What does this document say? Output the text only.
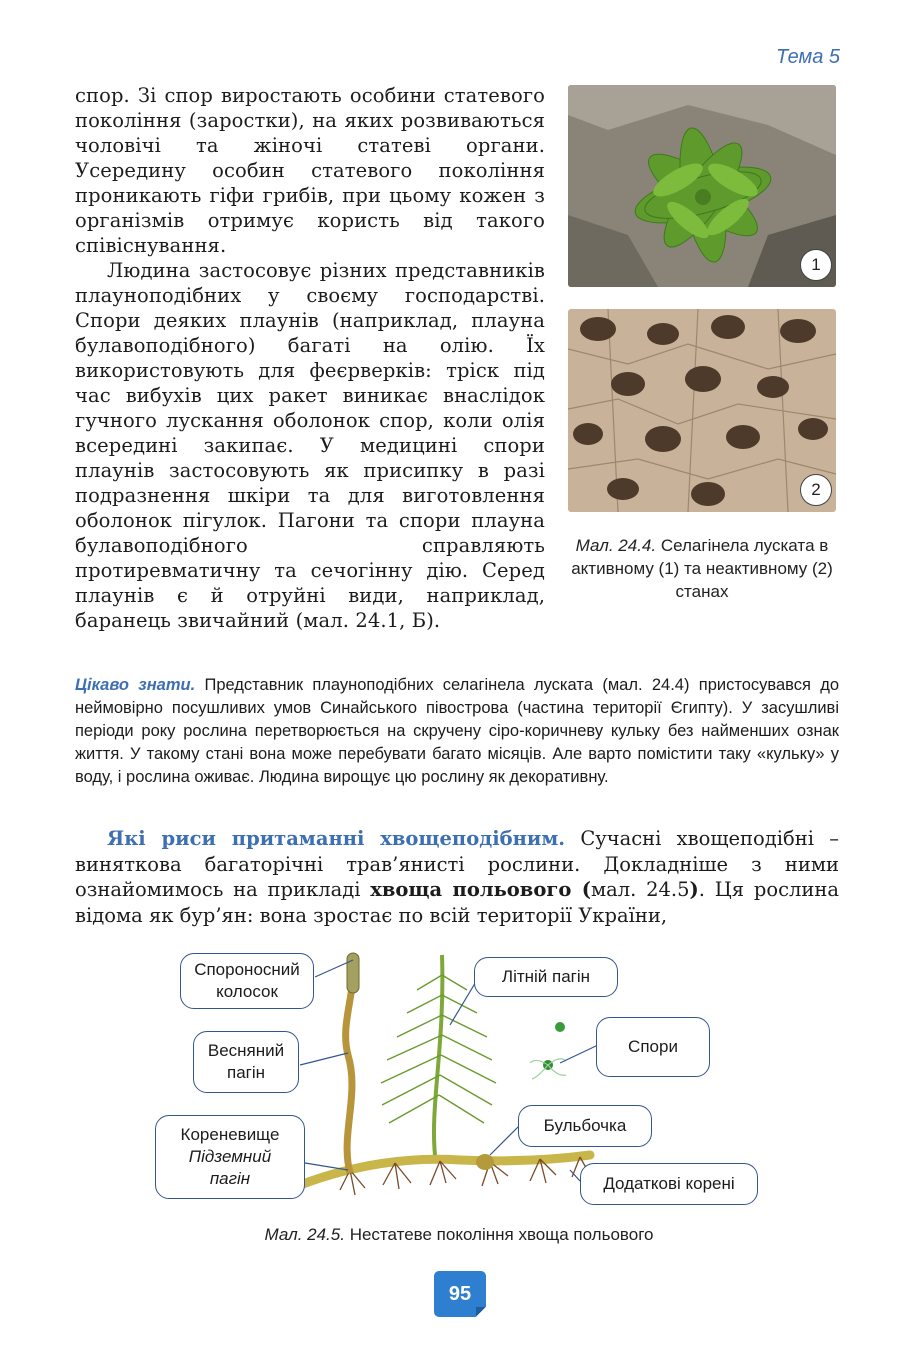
Тема 5

спор. Зі спор виростають особини статевого покоління (заростки), на яких розвиваються чоловічі та жіночі статеві органи. Усередину особин статевого покоління проникають гіфи грибів, при цьому кожен з організмів отримує користь від такого співіснування.

Людина застосовує різних представників плауноподібних у своєму господарстві. Спори деяких плаунів (наприклад, плауна булавоподібного) багаті на олію. Їх використовують для феєрверків: тріск під час вибухів цих ракет виникає внаслідок гучного лускання оболонок спор, коли олія всередині закипає. У медицині спори плаунів застосовують як присипку в разі подразнення шкіри та для виготовлення оболонок пігулок. Пагони та спори плауна булавоподібного справляють протиревматичну та сечогінну дію. Серед плаунів є й отруйні види, наприклад, баранець звичайний (мал. 24.1, Б).

1
2
Мал. 24.4. Селагінела лускатa в активному (1) та неактивному (2) станах
Цікаво знати. Представник плауноподібних селагінела лускатa (мал. 24.4) пристосувався до неймовірно посушливих умов Синайського півострова (частина території Єгипту). У засушливі періоди року рослина перетворюється на скручену сіро-коричневу кульку без найменших ознак життя. У такому стані вона може перебувати багато місяців. Але варто помістити таку «кульку» у воду, і рослина оживає. Людина вирощує цю рослину як декоративну.

Які риси притаманні хвощеподібним. Сучасні хвощеподібні – виняткова багаторічні трав’янисті рослини. Докладніше з ними ознайомимось на прикладі хвоща польового (мал. 24.5). Ця рослина відома як бур’ян: вона зростає по всій території України,

Спороносний
колосок
Літній пагін
Спори
Весняний
пагін
Бульбочка
Кореневище
Підземний
пагін	Додаткові корені
Мал. 24.5. Нестатеве покоління хвоща польового
95
